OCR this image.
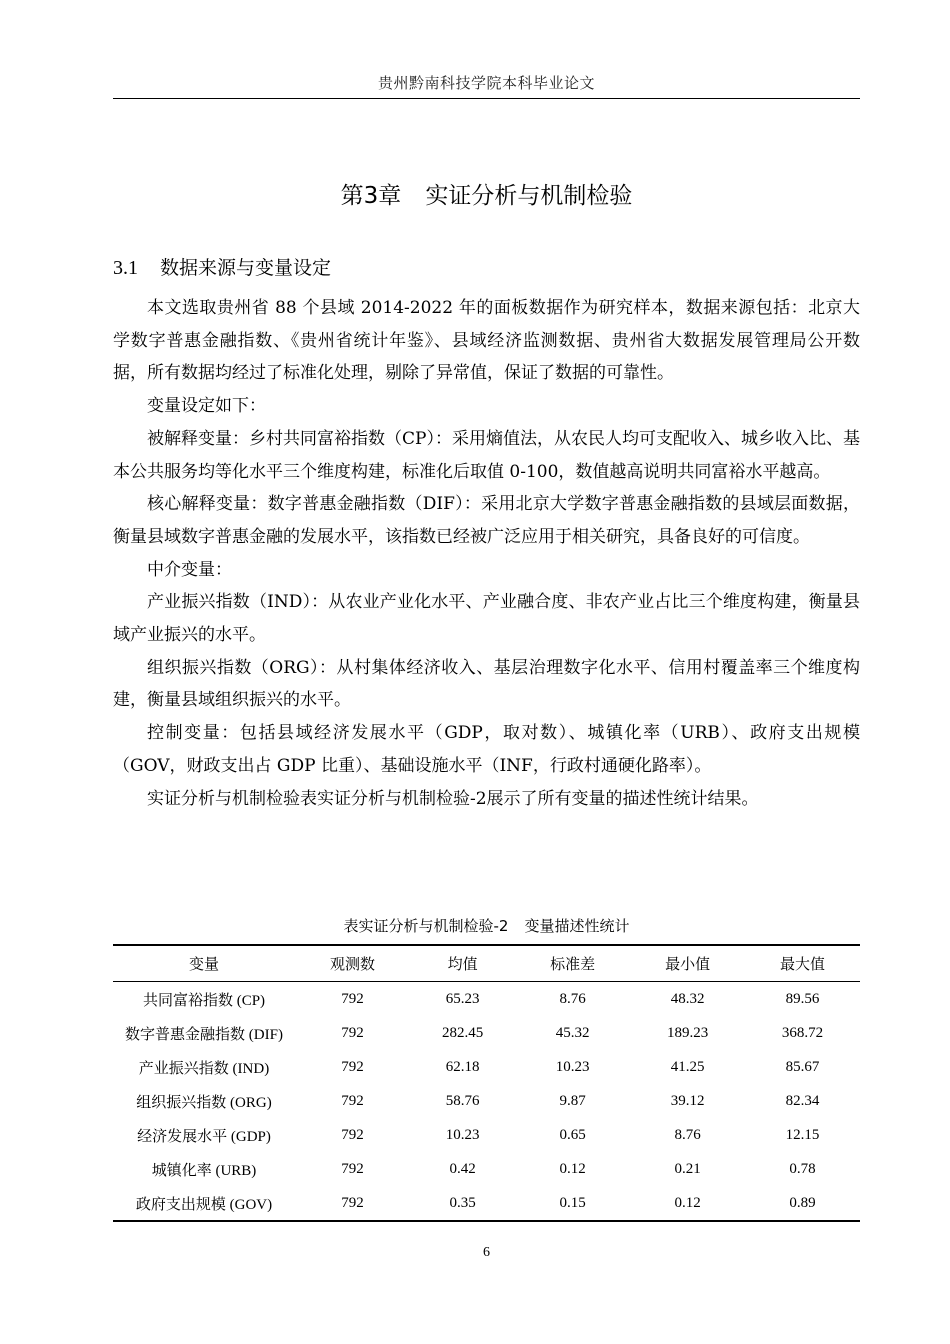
贵州黔南科技学院本科毕业论文
第3章 实证分析与机制检验
3.1 数据来源与变量设定

本文选取贵州省 88 个县域 2014-2022 年的面板数据作为研究样本，数据来源包括：北京大学数字普惠金融指数、《贵州省统计年鉴》、县域经济监测数据、贵州省大数据发展管理局公开数据，所有数据均经过了标准化处理，剔除了异常值，保证了数据的可靠性。

变量设定如下：

被解释变量：乡村共同富裕指数（CP）：采用熵值法，从农民人均可支配收入、城乡收入比、基本公共服务均等化水平三个维度构建，标准化后取值 0-100，数值越高说明共同富裕水平越高。

核心解释变量：数字普惠金融指数（DIF）：采用北京大学数字普惠金融指数的县域层面数据，衡量县域数字普惠金融的发展水平，该指数已经被广泛应用于相关研究，具备良好的可信度。

中介变量：

产业振兴指数（IND）：从农业产业化水平、产业融合度、非农产业占比三个维度构建，衡量县域产业振兴的水平。

组织振兴指数（ORG）：从村集体经济收入、基层治理数字化水平、信用村覆盖率三个维度构建，衡量县域组织振兴的水平。

控制变量：包括县域经济发展水平（GDP，取对数）、城镇化率（URB）、政府支出规模（GOV，财政支出占 GDP 比重）、基础设施水平（INF，行政村通硬化路率）。

实证分析与机制检验表实证分析与机制检验-2展示了所有变量的描述性统计结果。

表实证分析与机制检验-2 变量描述性统计
变量	观测数	均值	标准差	最小值	最大值
共同富裕指数 (CP)	792	65.23	8.76	48.32	89.56
数字普惠金融指数 (DIF)	792	282.45	45.32	189.23	368.72
产业振兴指数 (IND)	792	62.18	10.23	41.25	85.67
组织振兴指数 (ORG)	792	58.76	9.87	39.12	82.34
经济发展水平 (GDP)	792	10.23	0.65	8.76	12.15
城镇化率 (URB)	792	0.42	0.12	0.21	0.78
政府支出规模 (GOV)	792	0.35	0.15	0.12	0.89
6
